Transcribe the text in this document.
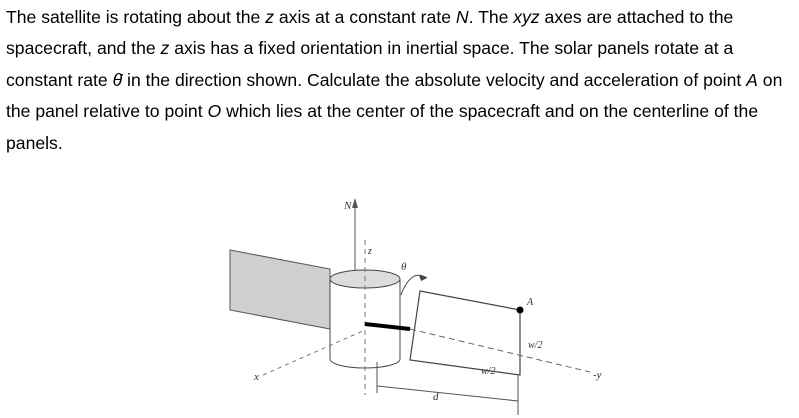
The satellite is rotating about the z axis at a constant rate N. The xyz axes are attached to the spacecraft, and the z axis has a fixed orientation in inertial space. The solar panels rotate at a constant rate θ̇ in the direction shown. Calculate the absolute velocity and acceleration of point A on the panel relative to point O which lies at the center of the spacecraft and on the centerline of the panels.

N
z
θ
A
w/2
w/2
d
x	-y
